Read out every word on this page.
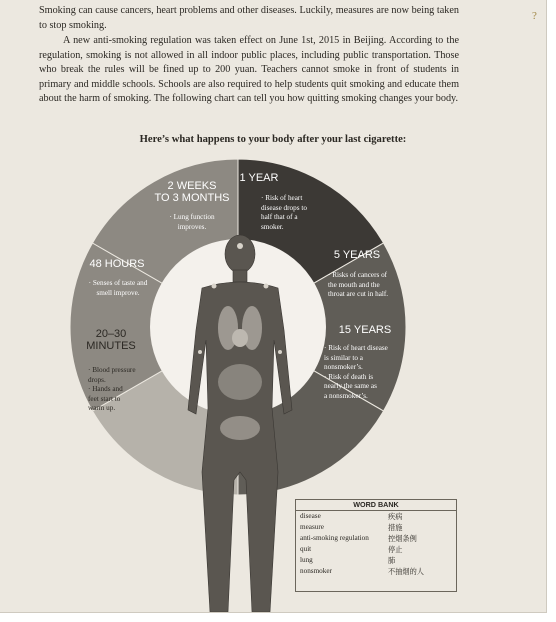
?

Smoking can cause cancers, heart problems and other diseases. Luckily, measures are now being taken to stop smoking.

A new anti-smoking regulation was taken effect on June 1st, 2015 in Beijing. According to the regulation, smoking is not allowed in all indoor public places, including public transportation. Those who break the rules will be fined up to 200 yuan. Teachers cannot smoke in front of students in primary and middle schools. Schools are also required to help students quit smoking and educate them about the harm of smoking. The following chart can tell you how quitting smoking changes your body.

Here’s what happens to your body after your last cigarette:
1 YEAR
· Risk of heart
disease drops to
half that of a
smoker.
5 YEARS
· Risks of cancers of
the mouth and the
throat are cut in half.
15 YEARS
· Risk of heart disease
is similar to a
nonsmoker’s.
· Risk of death is
nearly the same as
a nonsmoker’s.
20–30
MINUTES
· Blood pressure
drops.
· Hands and
feet start to
warm up.
48 HOURS
· Senses of taste and
smell improve.
2 WEEKS
TO 3 MONTHS
· Lung function
improves.
WORD BANK
disease	疾病
measure	措施
anti-smoking regulation	控烟条例
quit	停止
lung	肺
nonsmoker	不抽烟的人
